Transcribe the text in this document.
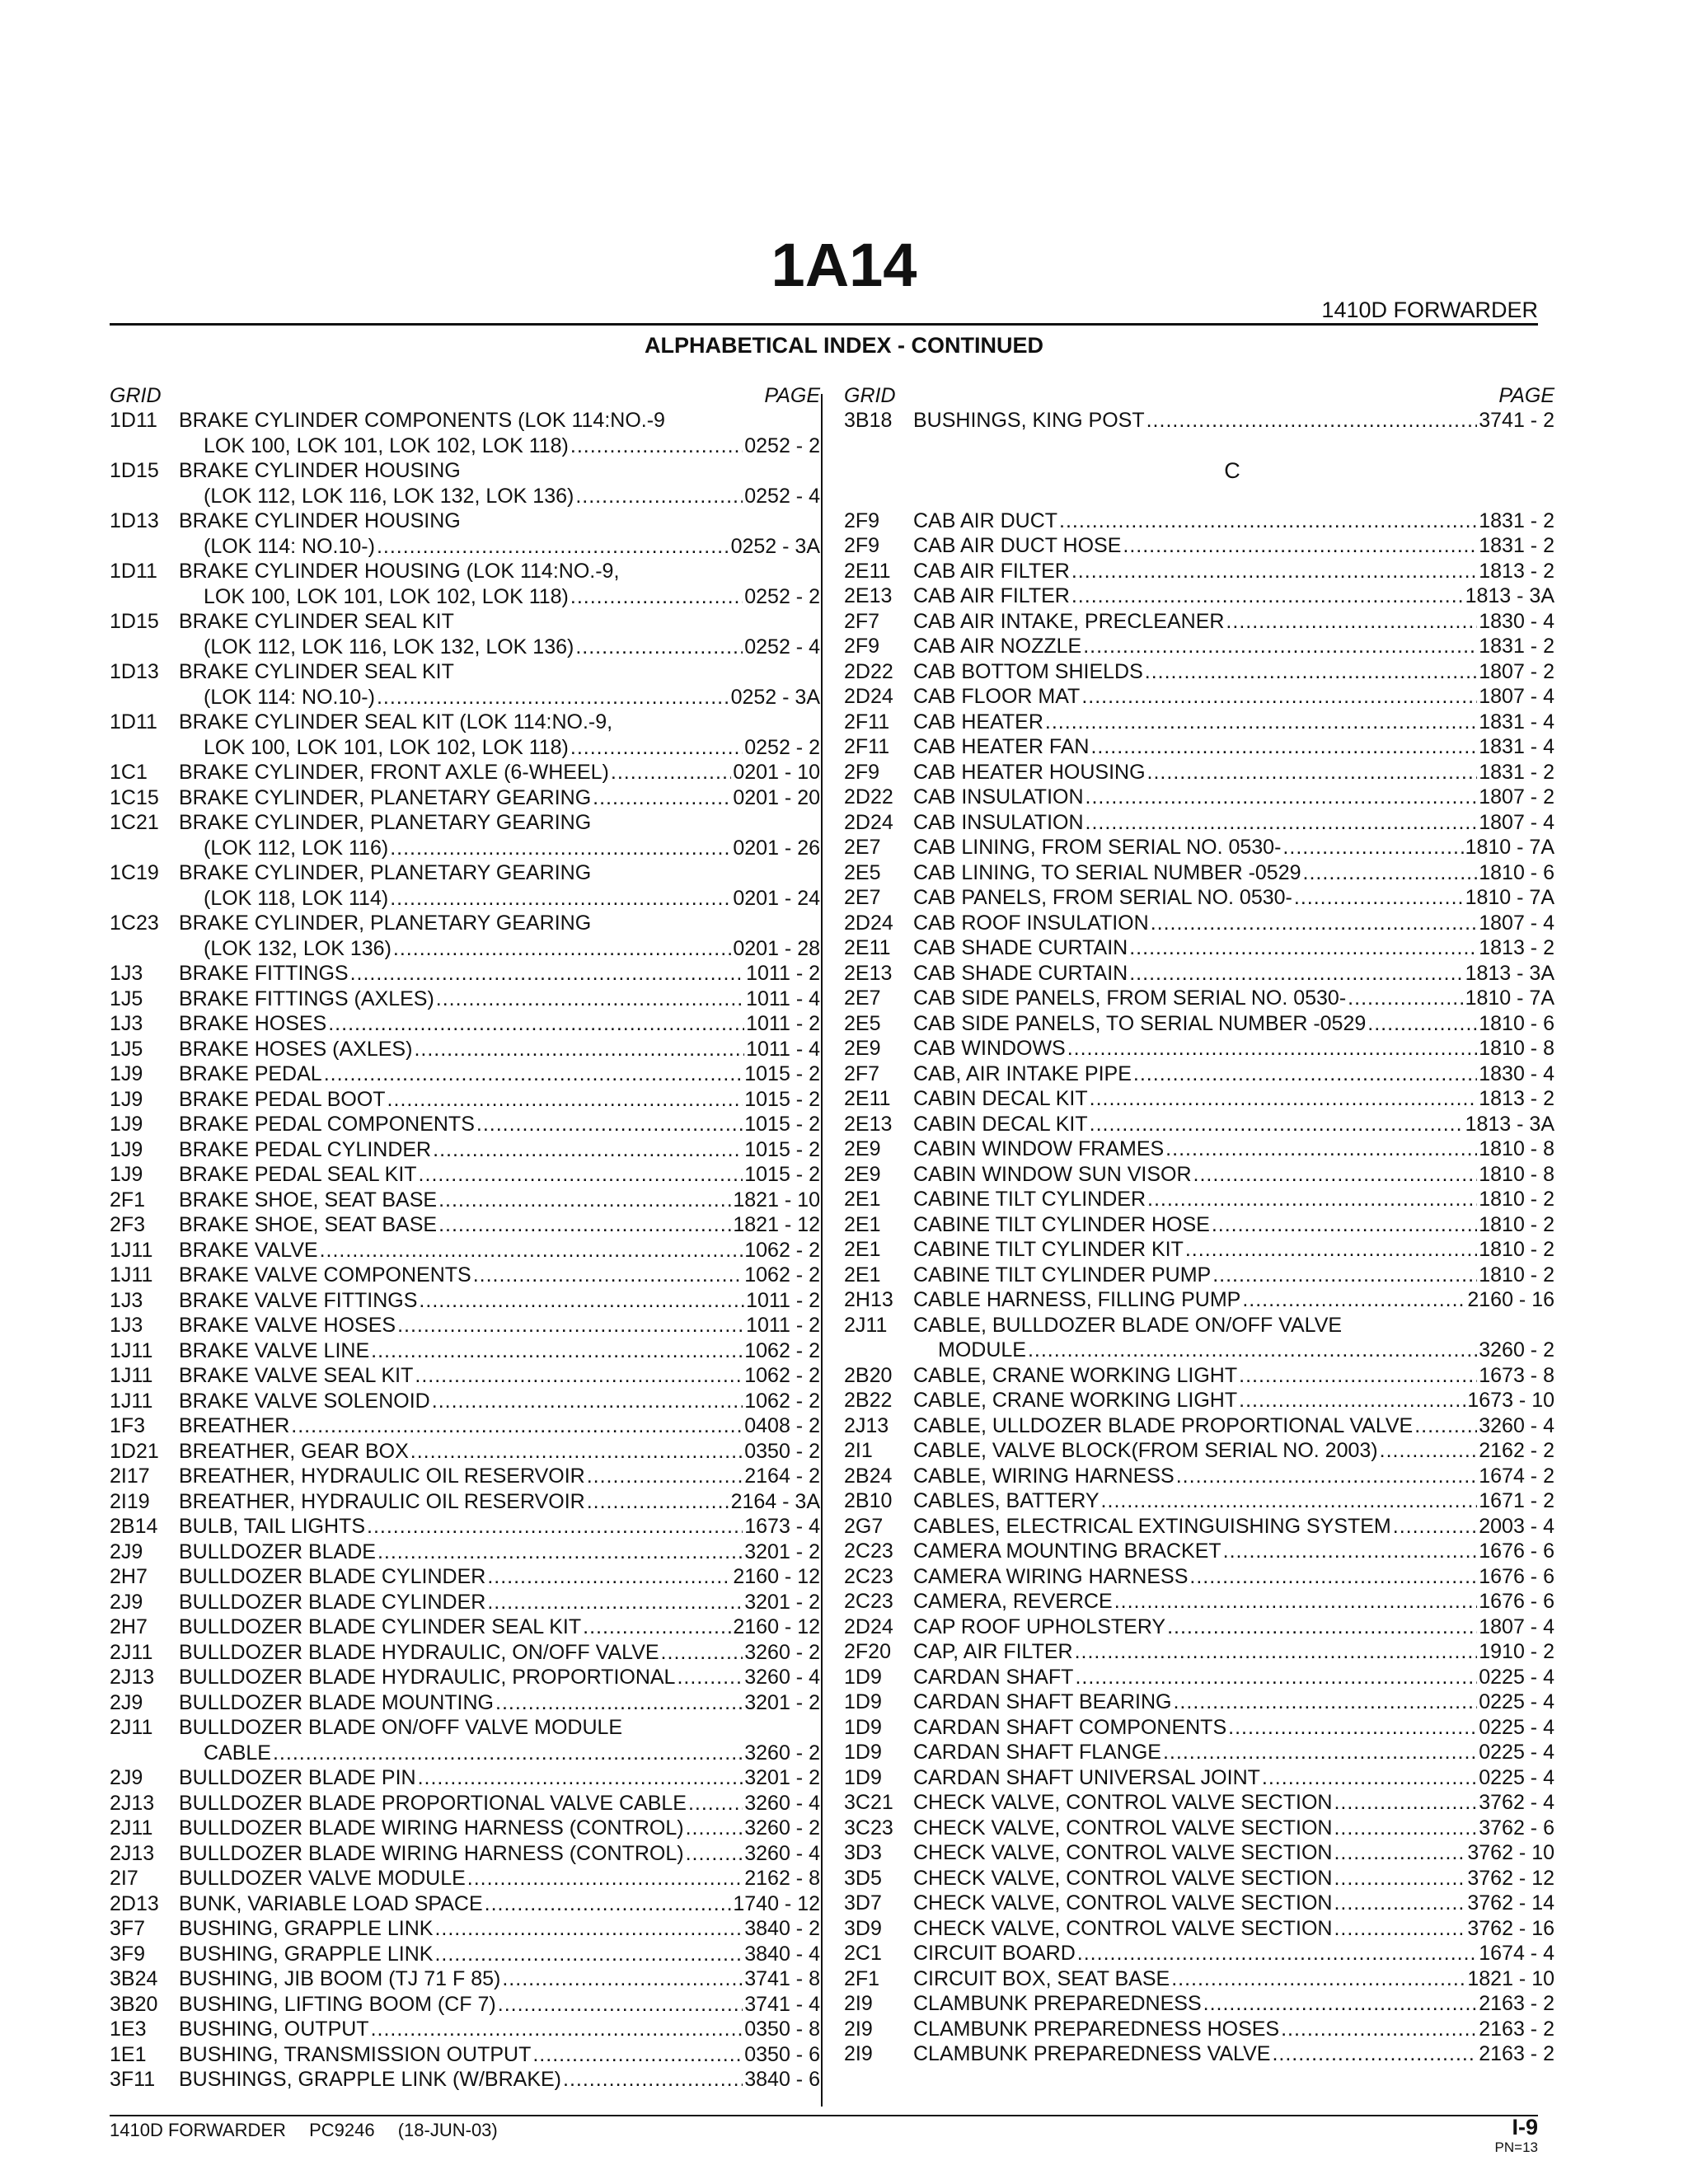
1A14
1410D FORWARDER
ALPHABETICAL INDEX - CONTINUED
GRID	PAGE
1D11	BRAKE CYLINDER COMPONENTS (LOK 114:NO.-9
LOK 100, LOK 101, LOK 102, LOK 118) .....	0252 - 2
1D15 BRAKE CYLINDER HOUSING
(LOK 112, LOK 116, LOK 132, LOK 136) .....	0252 - 4
1D13 BRAKE CYLINDER HOUSING
(LOK 114: NO.10-) .....	0252 - 3A
1D11	BRAKE CYLINDER HOUSING (LOK 114:NO.-9,
LOK 100, LOK 101, LOK 102, LOK 118) .....	0252 - 2
1D15 BRAKE CYLINDER SEAL KIT
(LOK 112, LOK 116, LOK 132, LOK 136) .....	0252 - 4
1D13 BRAKE CYLINDER SEAL KIT
(LOK 114: NO.10-) .....	0252 - 3A
1D11	BRAKE CYLINDER SEAL KIT (LOK 114:NO.-9,
LOK 100, LOK 101, LOK 102, LOK 118) .....	0252 - 2
1C1	BRAKE CYLINDER, FRONT AXLE (6-WHEEL) .....	0201 - 10
1C15 BRAKE CYLINDER, PLANETARY GEARING .....	0201 - 20
1C21 BRAKE CYLINDER, PLANETARY GEARING
(LOK 112, LOK 116) .....	0201 - 26
1C19 BRAKE CYLINDER, PLANETARY GEARING
(LOK 118, LOK 114) .....	0201 - 24
1C23 BRAKE CYLINDER, PLANETARY GEARING
(LOK 132, LOK 136) .....	0201 - 28
1J3	BRAKE FITTINGS .....	1011 - 2
1J5	BRAKE FITTINGS (AXLES) .....	1011 - 4
1J3	BRAKE HOSES .....	1011 - 2
1J5	BRAKE HOSES (AXLES) .....	1011 - 4
1J9	BRAKE PEDAL .....	1015 - 2
1J9	BRAKE PEDAL BOOT .....	1015 - 2
1J9	BRAKE PEDAL COMPONENTS .....	1015 - 2
1J9	BRAKE PEDAL CYLINDER .....	1015 - 2
1J9	BRAKE PEDAL SEAL KIT .....	1015 - 2
2F1	BRAKE SHOE, SEAT BASE .....	1821 - 10
2F3	BRAKE SHOE, SEAT BASE .....	1821 - 12
1J11	BRAKE VALVE .....	1062 - 2
1J11	BRAKE VALVE COMPONENTS .....	1062 - 2
1J3	BRAKE VALVE FITTINGS .....	1011 - 2
1J3	BRAKE VALVE HOSES .....	1011 - 2
1J11	BRAKE VALVE LINE .....	1062 - 2
1J11	BRAKE VALVE SEAL KIT .....	1062 - 2
1J11	BRAKE VALVE SOLENOID .....	1062 - 2
1F3	BREATHER .....	0408 - 2
1D21 BREATHER, GEAR BOX .....	0350 - 2
2I17	BREATHER, HYDRAULIC OIL RESERVOIR .....	2164 - 2
2I19	BREATHER, HYDRAULIC OIL RESERVOIR .....	2164 - 3A
2B14	BULB, TAIL LIGHTS .....	1673 - 4
2J9	BULLDOZER BLADE .....	3201 - 2
2H7	BULLDOZER BLADE CYLINDER .....	2160 - 12
2J9	BULLDOZER BLADE CYLINDER .....	3201 - 2
2H7	BULLDOZER BLADE CYLINDER SEAL KIT .....	2160 - 12
2J11	BULLDOZER BLADE HYDRAULIC, ON/OFF VALVE .....	3260 - 2
2J13	BULLDOZER BLADE HYDRAULIC, PROPORTIONAL .....	3260 - 4
2J9	BULLDOZER BLADE MOUNTING .....	3201 - 2
2J11	BULLDOZER BLADE ON/OFF VALVE MODULE
CABLE .....	3260 - 2
2J9	BULLDOZER BLADE PIN .....	3201 - 2
2J13	BULLDOZER BLADE PROPORTIONAL VALVE CABLE .....	3260 - 4
2J11	BULLDOZER BLADE WIRING HARNESS (CONTROL) .....	3260 - 2
2J13	BULLDOZER BLADE WIRING HARNESS (CONTROL) .....	3260 - 4
2I7	BULLDOZER VALVE MODULE .....	2162 - 8
2D13 BUNK, VARIABLE LOAD SPACE .....	1740 - 12
3F7	BUSHING, GRAPPLE LINK .....	3840 - 2
3F9	BUSHING, GRAPPLE LINK .....	3840 - 4
3B24	BUSHING, JIB BOOM (TJ 71 F 85) .....	3741 - 8
3B20	BUSHING, LIFTING BOOM (CF 7) .....	3741 - 4
1E3	BUSHING, OUTPUT .....	0350 - 8
1E1	BUSHING, TRANSMISSION OUTPUT .....	0350 - 6
3F11	BUSHINGS, GRAPPLE LINK (W/BRAKE) .....	3840 - 6
GRID	PAGE
3B18	BUSHINGS, KING POST .....	3741 - 2
C
2F9	CAB AIR DUCT .....	1831 - 2
2F9	CAB AIR DUCT HOSE .....	1831 - 2
2E11	CAB AIR FILTER .....	1813 - 2
2E13	CAB AIR FILTER .....	1813 - 3A
2F7	CAB AIR INTAKE, PRECLEANER .....	1830 - 4
2F9	CAB AIR NOZZLE .....	1831 - 2
2D22 CAB BOTTOM SHIELDS .....	1807 - 2
2D24 CAB FLOOR MAT .....	1807 - 4
2F11	CAB HEATER .....	1831 - 4
2F11	CAB HEATER FAN .....	1831 - 4
2F9	CAB HEATER HOUSING .....	1831 - 2
2D22 CAB INSULATION .....	1807 - 2
2D24 CAB INSULATION .....	1807 - 4
2E7	CAB LINING, FROM SERIAL NO. 0530- .....	1810 - 7A
2E5	CAB LINING, TO SERIAL NUMBER -0529 .....	1810 - 6
2E7	CAB PANELS, FROM SERIAL NO. 0530- .....	1810 - 7A
2D24 CAB ROOF INSULATION .....	1807 - 4
2E11	CAB SHADE CURTAIN .....	1813 - 2
2E13	CAB SHADE CURTAIN .....	1813 - 3A
2E7	CAB SIDE PANELS, FROM SERIAL NO. 0530- .....	1810 - 7A
2E5	CAB SIDE PANELS, TO SERIAL NUMBER -0529 .....	1810 - 6
2E9	CAB WINDOWS .....	1810 - 8
2F7	CAB, AIR INTAKE PIPE .....	1830 - 4
2E11	CABIN DECAL KIT .....	1813 - 2
2E13	CABIN DECAL KIT .....	1813 - 3A
2E9	CABIN WINDOW FRAMES .....	1810 - 8
2E9	CABIN WINDOW SUN VISOR .....	1810 - 8
2E1	CABINE TILT CYLINDER .....	1810 - 2
2E1	CABINE TILT CYLINDER HOSE .....	1810 - 2
2E1	CABINE TILT CYLINDER KIT .....	1810 - 2
2E1	CABINE TILT CYLINDER PUMP .....	1810 - 2
2H13 CABLE HARNESS, FILLING PUMP .....	2160 - 16
2J11	CABLE, BULLDOZER BLADE ON/OFF VALVE
MODULE .....	3260 - 2
2B20	CABLE, CRANE WORKING LIGHT .....	1673 - 8
2B22	CABLE, CRANE WORKING LIGHT .....	1673 - 10
2J13	CABLE, ULLDOZER BLADE PROPORTIONAL VALVE .....	3260 - 4
2I1	CABLE, VALVE BLOCK(FROM SERIAL NO. 2003) .....	2162 - 2
2B24	CABLE, WIRING HARNESS .....	1674 - 2
2B10	CABLES, BATTERY .....	1671 - 2
2G7	CABLES, ELECTRICAL EXTINGUISHING SYSTEM .....	2003 - 4
2C23 CAMERA MOUNTING BRACKET .....	1676 - 6
2C23 CAMERA WIRING HARNESS .....	1676 - 6
2C23 CAMERA, REVERCE .....	1676 - 6
2D24 CAP ROOF UPHOLSTERY .....	1807 - 4
2F20	CAP, AIR FILTER .....	1910 - 2
1D9	CARDAN SHAFT .....	0225 - 4
1D9	CARDAN SHAFT BEARING .....	0225 - 4
1D9	CARDAN SHAFT COMPONENTS .....	0225 - 4
1D9	CARDAN SHAFT FLANGE .....	0225 - 4
1D9	CARDAN SHAFT UNIVERSAL JOINT .....	0225 - 4
3C21 CHECK VALVE, CONTROL VALVE SECTION .....	3762 - 4
3C23 CHECK VALVE, CONTROL VALVE SECTION .....	3762 - 6
3D3	CHECK VALVE, CONTROL VALVE SECTION .....	3762 - 10
3D5	CHECK VALVE, CONTROL VALVE SECTION .....	3762 - 12
3D7	CHECK VALVE, CONTROL VALVE SECTION .....	3762 - 14
3D9	CHECK VALVE, CONTROL VALVE SECTION .....	3762 - 16
2C1	CIRCUIT BOARD .....	1674 - 4
2F1	CIRCUIT BOX, SEAT BASE .....	1821 - 10
2I9	CLAMBUNK PREPAREDNESS .....	2163 - 2
2I9	CLAMBUNK PREPAREDNESS HOSES .....	2163 - 2
2I9	CLAMBUNK PREPAREDNESS VALVE .....	2163 - 2
1410D FORWARDER PC9246 (18-JUN-03)	I-9
PN=13
